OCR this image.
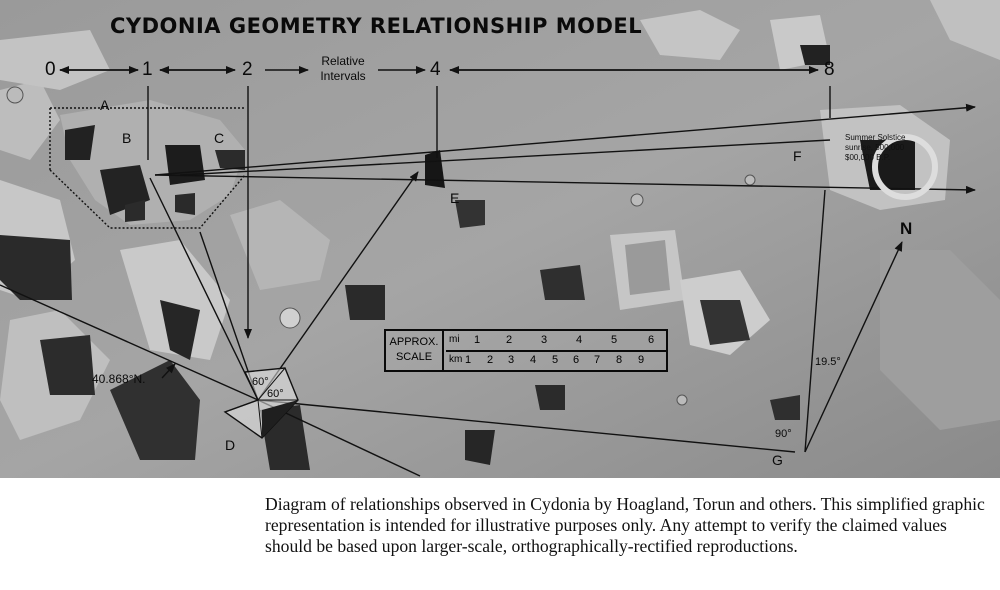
CYDONIA GEOMETRY RELATIONSHIP MODEL
0	1	2	4	8
Relative
Intervals
A
B	C
D
E
F
G
N
60°
60°
19.5°
90°
40.868°N.
Summer Solstice
sunrise, 500,000
$00,000 B.P.
APPROX.
SCALE
mi 1 2	3	4	5	6
km 1 2 3 4 5 6 7 8 9
Diagram of relationships observed in Cydonia by Hoagland, Torun and others. This simplified graphic representation is intended for illustrative purposes only. Any attempt to verify the claimed values should be based upon larger-scale, orthographically-rectified reproductions.
